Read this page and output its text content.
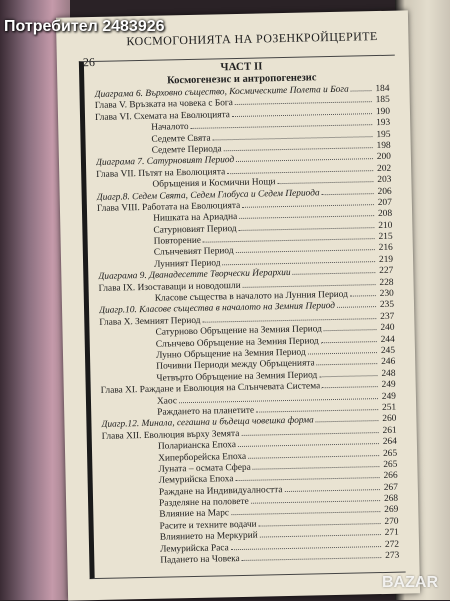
Потребител 2483926
КОСМОГОНИЯТА НА РОЗЕНКРОЙЦЕРИТЕ
26	ЧАСТ II
Космогенезис и антропогенезис
Диаграма 6. Върховно същество, Космическите Полета и Бога	184
Глава V. Връзката на човека с Бога	185
Глава VI. Схемата на Еволюцията	190
Началото	193
Седемте Свята	195
Седемте Периода	198
Диаграма 7. Сатурновият Период	200
Глава VII. Пътят на Еволюцията	202
Обръщения и Космични Нощи	203
Диагр.8. Седем Свята, Седем Глобуса и Седем Периода	206
Глава VIII. Работата на Еволюцията	207
Нишката на Ариадна	208
Сатурновият Период	210
Повторение	215
Слънчевият Период	216
Лунният Период	219
Диаграма 9. Дванадесетте Творчески Йерархии	227
Глава IX. Изоставащи и новодошли	228
Класове същества в началото на Лунния Период	230
Диагр.10. Класове същества в началото на Земния Период	235
Глава X. Земният Период	237
Сатурново Обръщение на Земния Период	240
Слънчево Обръщение на Земния Период	244
Лунно Обръщение на Земния Период	245
Почивни Периоди между Обръщенията	246
Четвърто Обръщение на Земния Период	248
Глава XI. Раждане и Еволюция на Слънчевата Система	249
Хаос	249
Раждането на планетите	251
Диагр.12. Минала, сегашна и бъдеща човешка форма	260
Глава XII. Еволюция върху Земята	261
Поларианска Епоха	264
Хиперборейска Епоха	265
Луната – осмата Сфера	265
Лемурийска Епоха	266
Раждане на Индивидуалността	267
Разделяне на половете	268
Влияние на Марс	269
Расите и техните водачи	270
Влиянието на Меркурий	271
Лемурийска Раса	272
Падането на Човека	273
BAZAR
